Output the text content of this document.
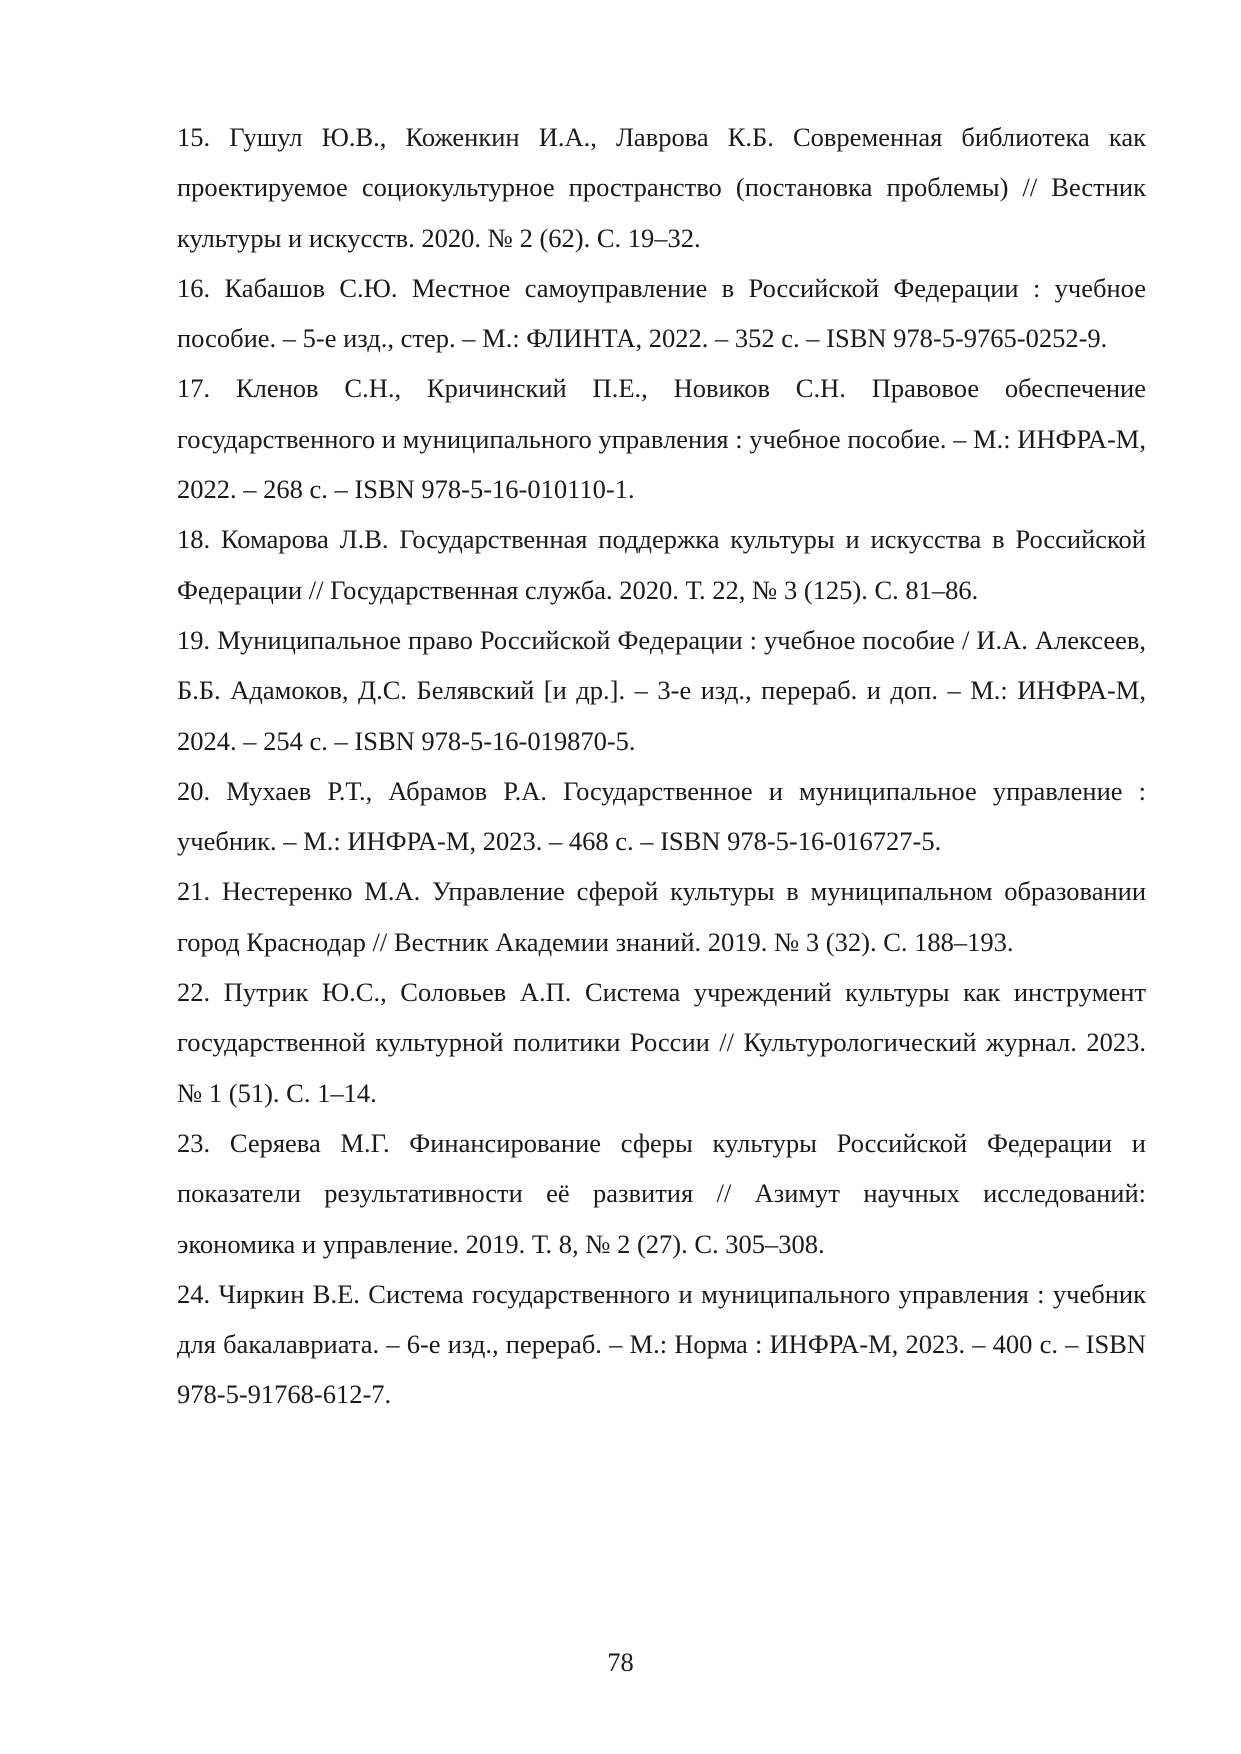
15. Гушул Ю.В., Коженкин И.А., Лаврова К.Б. Современная библиотека как проектируемое социокультурное пространство (постановка проблемы) // Вестник культуры и искусств. 2020. № 2 (62). С. 19–32.
16. Кабашов С.Ю. Местное самоуправление в Российской Федерации : учебное пособие. – 5-е изд., стер. – М.: ФЛИНТА, 2022. – 352 с. – ISBN 978-5-9765-0252-9.
17. Кленов С.Н., Кричинский П.Е., Новиков С.Н. Правовое обеспечение государственного и муниципального управления : учебное пособие. – М.: ИНФРА-М, 2022. – 268 с. – ISBN 978-5-16-010110-1.
18. Комарова Л.В. Государственная поддержка культуры и искусства в Российской Федерации // Государственная служба. 2020. Т. 22, № 3 (125). С. 81–86.
19. Муниципальное право Российской Федерации : учебное пособие / И.А. Алексеев, Б.Б. Адамоков, Д.С. Белявский [и др.]. – 3-е изд., перераб. и доп. – М.: ИНФРА-М, 2024. – 254 с. – ISBN 978-5-16-019870-5.
20. Мухаев Р.Т., Абрамов Р.А. Государственное и муниципальное управление : учебник. – М.: ИНФРА-М, 2023. – 468 с. – ISBN 978-5-16-016727-5.
21. Нестеренко М.А. Управление сферой культуры в муниципальном образовании город Краснодар // Вестник Академии знаний. 2019. № 3 (32). С. 188–193.
22. Путрик Ю.С., Соловьев А.П. Система учреждений культуры как инструмент государственной культурной политики России // Культурологический журнал. 2023. № 1 (51). С. 1–14.
23. Серяева М.Г. Финансирование сферы культуры Российской Федерации и показатели результативности её развития // Азимут научных исследований: экономика и управление. 2019. Т. 8, № 2 (27). С. 305–308.
24. Чиркин В.Е. Система государственного и муниципального управления : учебник для бакалавриата. – 6-е изд., перераб. – М.: Норма : ИНФРА-М, 2023. – 400 с. – ISBN 978-5-91768-612-7.
78
